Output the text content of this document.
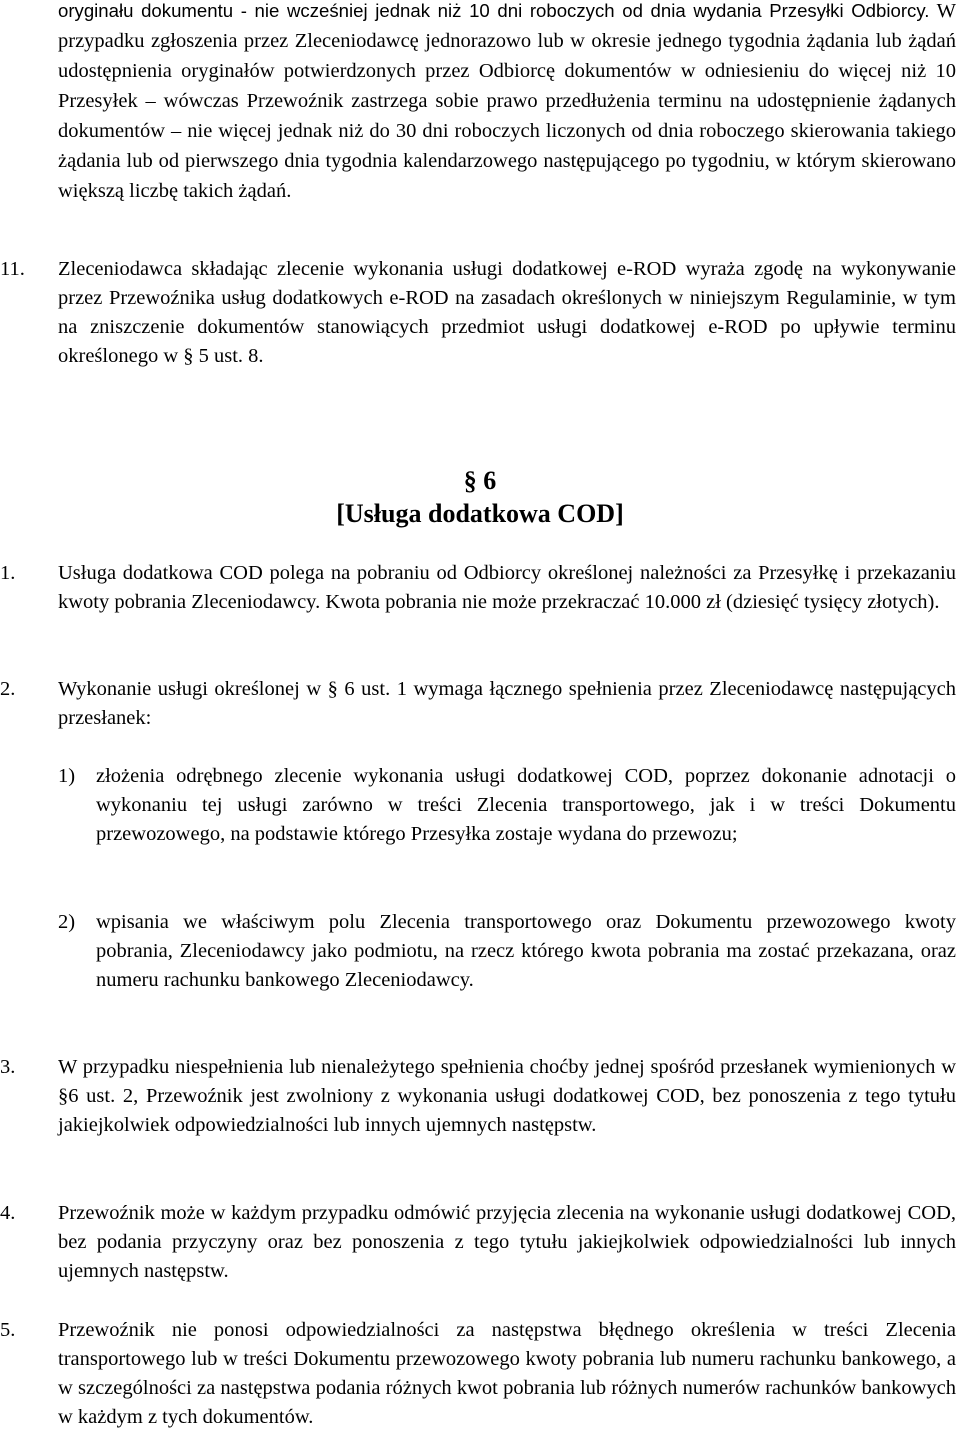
oryginału dokumentu - nie wcześniej jednak niż 10 dni roboczych od dnia wydania Przesyłki Odbiorcy. W przypadku zgłoszenia przez Zleceniodawcę jednorazowo lub w okresie jednego tygodnia żądania lub żądań udostępnienia oryginałów potwierdzonych przez Odbiorcę dokumentów w odniesieniu do więcej niż 10 Przesyłek – wówczas Przewoźnik zastrzega sobie prawo przedłużenia terminu na udostępnienie żądanych dokumentów – nie więcej jednak niż do 30 dni roboczych liczonych od dnia roboczego skierowania takiego żądania lub od pierwszego dnia tygodnia kalendarzowego następującego po tygodniu, w którym skierowano większą liczbę takich żądań.
11. Zleceniodawca składając zlecenie wykonania usługi dodatkowej e-ROD wyraża zgodę na wykonywanie przez Przewoźnika usług dodatkowych e-ROD na zasadach określonych w niniejszym Regulaminie, w tym na zniszczenie dokumentów stanowiących przedmiot usługi dodatkowej e-ROD po upływie terminu określonego w § 5 ust. 8.
§ 6
[Usługa dodatkowa COD]
1. Usługa dodatkowa COD polega na pobraniu od Odbiorcy określonej należności za Przesyłkę i przekazaniu kwoty pobrania Zleceniodawcy. Kwota pobrania nie może przekraczać 10.000 zł (dziesięć tysięcy złotych).
2. Wykonanie usługi określonej w § 6 ust. 1 wymaga łącznego spełnienia przez Zleceniodawcę następujących przesłanek:
1) złożenia odrębnego zlecenie wykonania usługi dodatkowej COD, poprzez dokonanie adnotacji o wykonaniu tej usługi zarówno w treści Zlecenia transportowego, jak i w treści Dokumentu przewozowego, na podstawie którego Przesyłka zostaje wydana do przewozu;
2) wpisania we właściwym polu Zlecenia transportowego oraz Dokumentu przewozowego kwoty pobrania, Zleceniodawcy jako podmiotu, na rzecz którego kwota pobrania ma zostać przekazana, oraz numeru rachunku bankowego Zleceniodawcy.
3. W przypadku niespełnienia lub nienależytego spełnienia choćby jednej spośród przesłanek wymienionych w §6 ust. 2, Przewoźnik jest zwolniony z wykonania usługi dodatkowej COD, bez ponoszenia z tego tytułu jakiejkolwiek odpowiedzialności lub innych ujemnych następstw.
4. Przewoźnik może w każdym przypadku odmówić przyjęcia zlecenia na wykonanie usługi dodatkowej COD, bez podania przyczyny oraz bez ponoszenia z tego tytułu jakiejkolwiek odpowiedzialności lub innych ujemnych następstw.
5. Przewoźnik nie ponosi odpowiedzialności za następstwa błędnego określenia w treści Zlecenia transportowego lub w treści Dokumentu przewozowego kwoty pobrania lub numeru rachunku bankowego, a w szczególności za następstwa podania różnych kwot pobrania lub różnych numerów rachunków bankowych w każdym z tych dokumentów.
